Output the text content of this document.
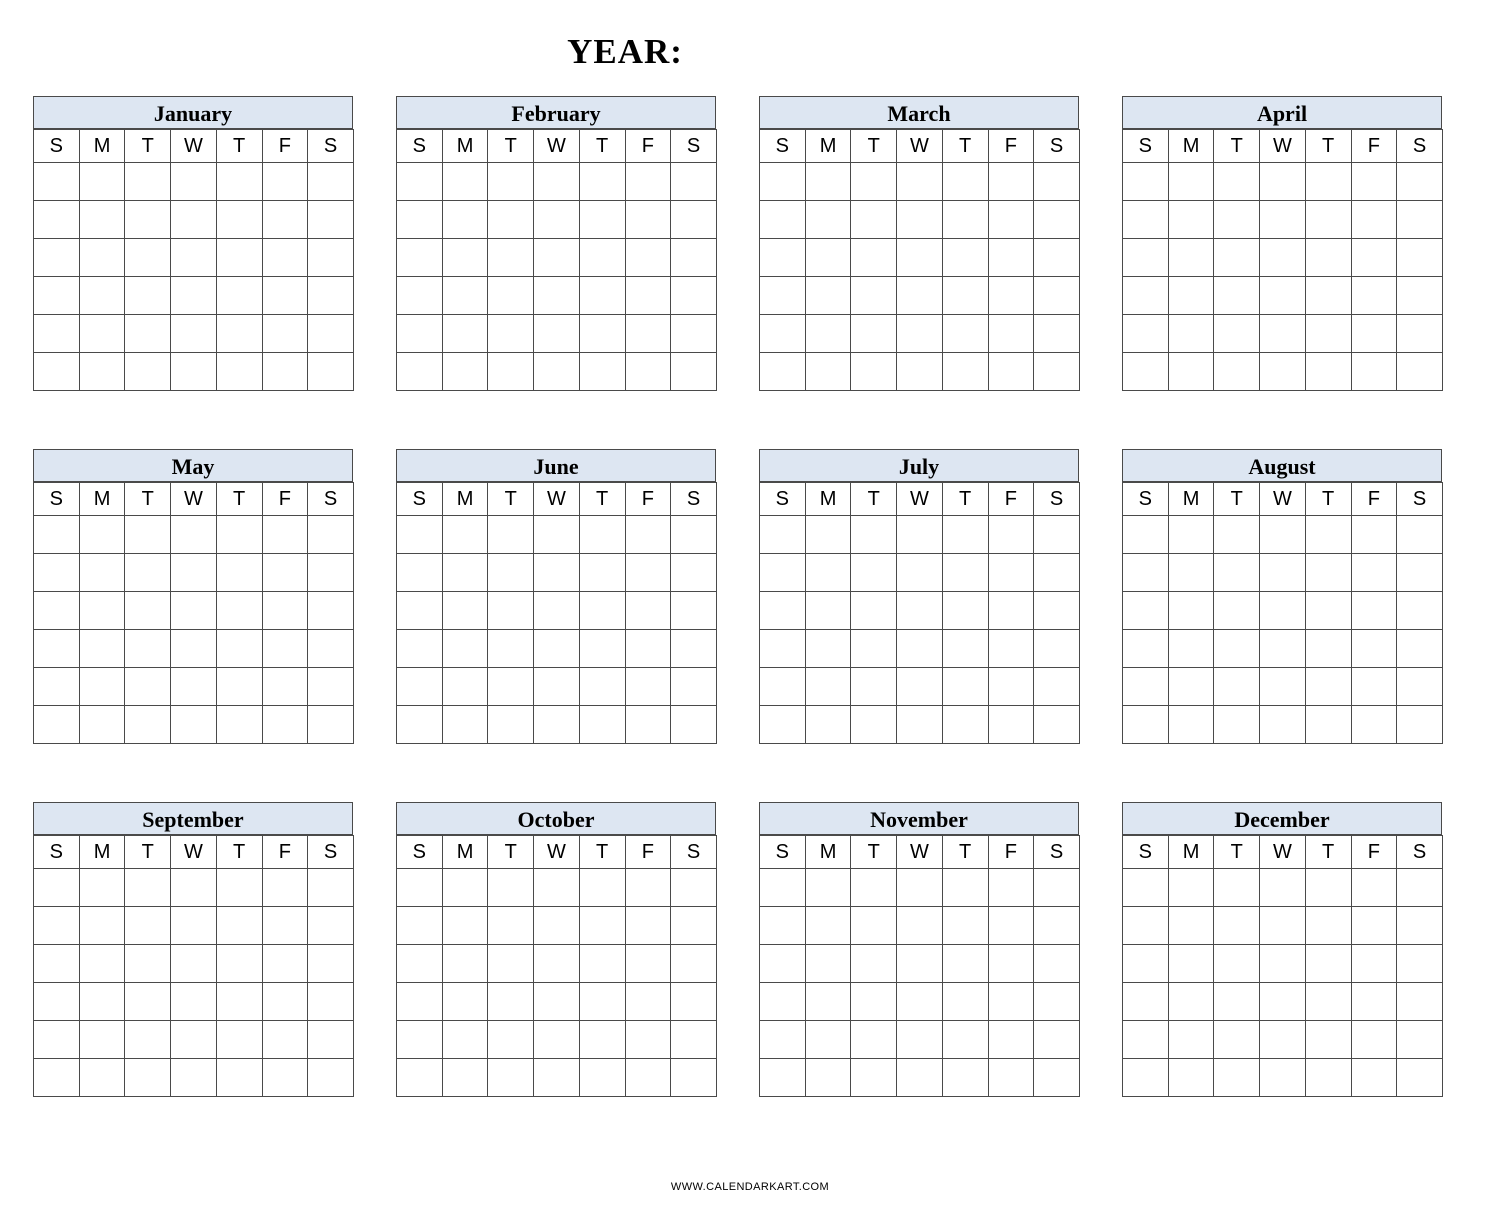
YEAR:
January
S	M	T	W	T	F	S

February
S	M	T	W	T	F	S

March
S	M	T	W	T	F	S

April
S	M	T	W	T	F	S

May
S	M	T	W	T	F	S

June
S	M	T	W	T	F	S

July
S	M	T	W	T	F	S

August
S	M	T	W	T	F	S

September
S	M	T	W	T	F	S

October
S	M	T	W	T	F	S

November
S	M	T	W	T	F	S

December
S	M	T	W	T	F	S

WWW.CALENDARKART.COM
